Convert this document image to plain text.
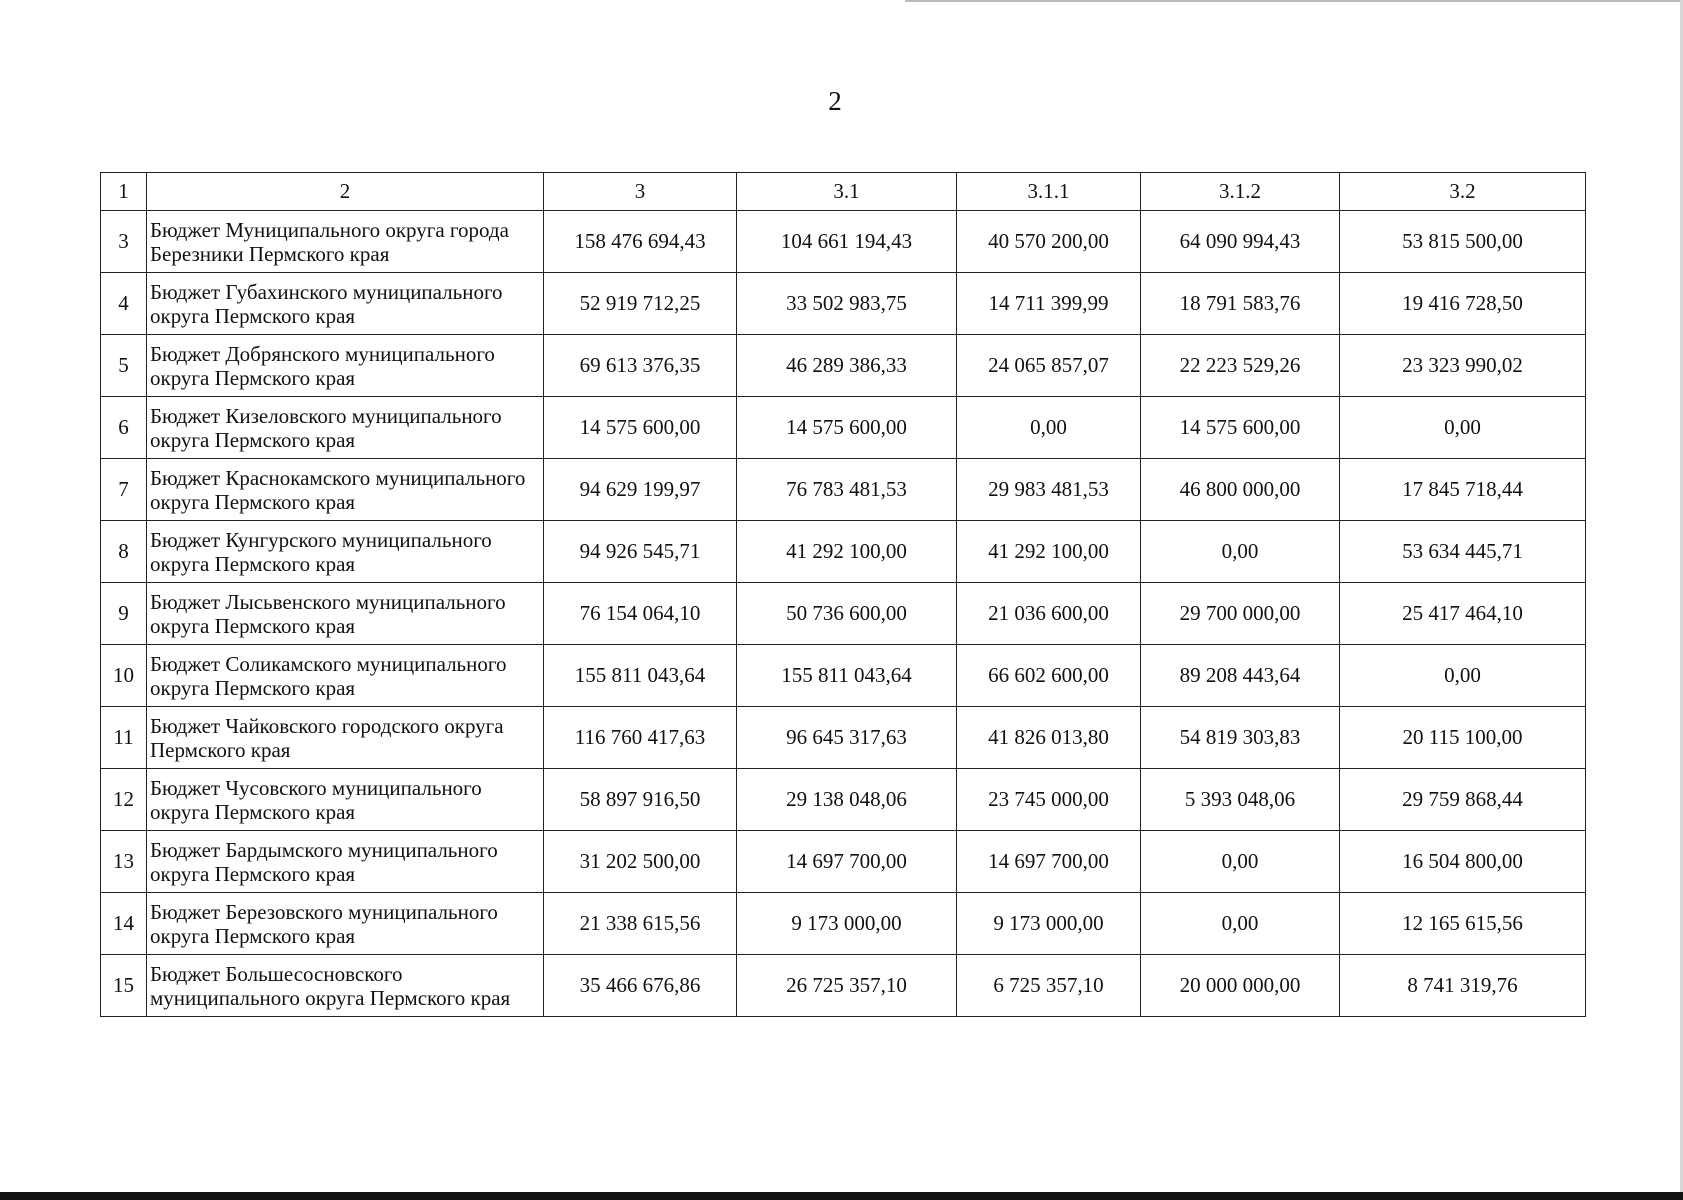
2
1	2	3	3.1	3.1.1	3.1.2	3.2
3	Бюджет Муниципального округа города Березники Пермского края	158 476 694,43	104 661 194,43	40 570 200,00	64 090 994,43	53 815 500,00
4	Бюджет Губахинского муниципального округа Пермского края	52 919 712,25	33 502 983,75	14 711 399,99	18 791 583,76	19 416 728,50
5	Бюджет Добрянского муниципального округа Пермского края	69 613 376,35	46 289 386,33	24 065 857,07	22 223 529,26	23 323 990,02
6	Бюджет Кизеловского муниципального округа Пермского края	14 575 600,00	14 575 600,00	0,00	14 575 600,00	0,00
7	Бюджет Краснокамского муниципального округа Пермского края	94 629 199,97	76 783 481,53	29 983 481,53	46 800 000,00	17 845 718,44
8	Бюджет Кунгурского муниципального округа Пермского края	94 926 545,71	41 292 100,00	41 292 100,00	0,00	53 634 445,71
9	Бюджет Лысьвенского муниципального округа Пермского края	76 154 064,10	50 736 600,00	21 036 600,00	29 700 000,00	25 417 464,10
10	Бюджет Соликамского муниципального округа Пермского края	155 811 043,64	155 811 043,64	66 602 600,00	89 208 443,64	0,00
11	Бюджет Чайковского городского округа Пермского края	116 760 417,63	96 645 317,63	41 826 013,80	54 819 303,83	20 115 100,00
12	Бюджет Чусовского муниципального округа Пермского края	58 897 916,50	29 138 048,06	23 745 000,00	5 393 048,06	29 759 868,44
13	Бюджет Бардымского муниципального округа Пермского края	31 202 500,00	14 697 700,00	14 697 700,00	0,00	16 504 800,00
14	Бюджет Березовского муниципального округа Пермского края	21 338 615,56	9 173 000,00	9 173 000,00	0,00	12 165 615,56
15	Бюджет Большесосновского муниципального округа Пермского края	35 466 676,86	26 725 357,10	6 725 357,10	20 000 000,00	8 741 319,76
